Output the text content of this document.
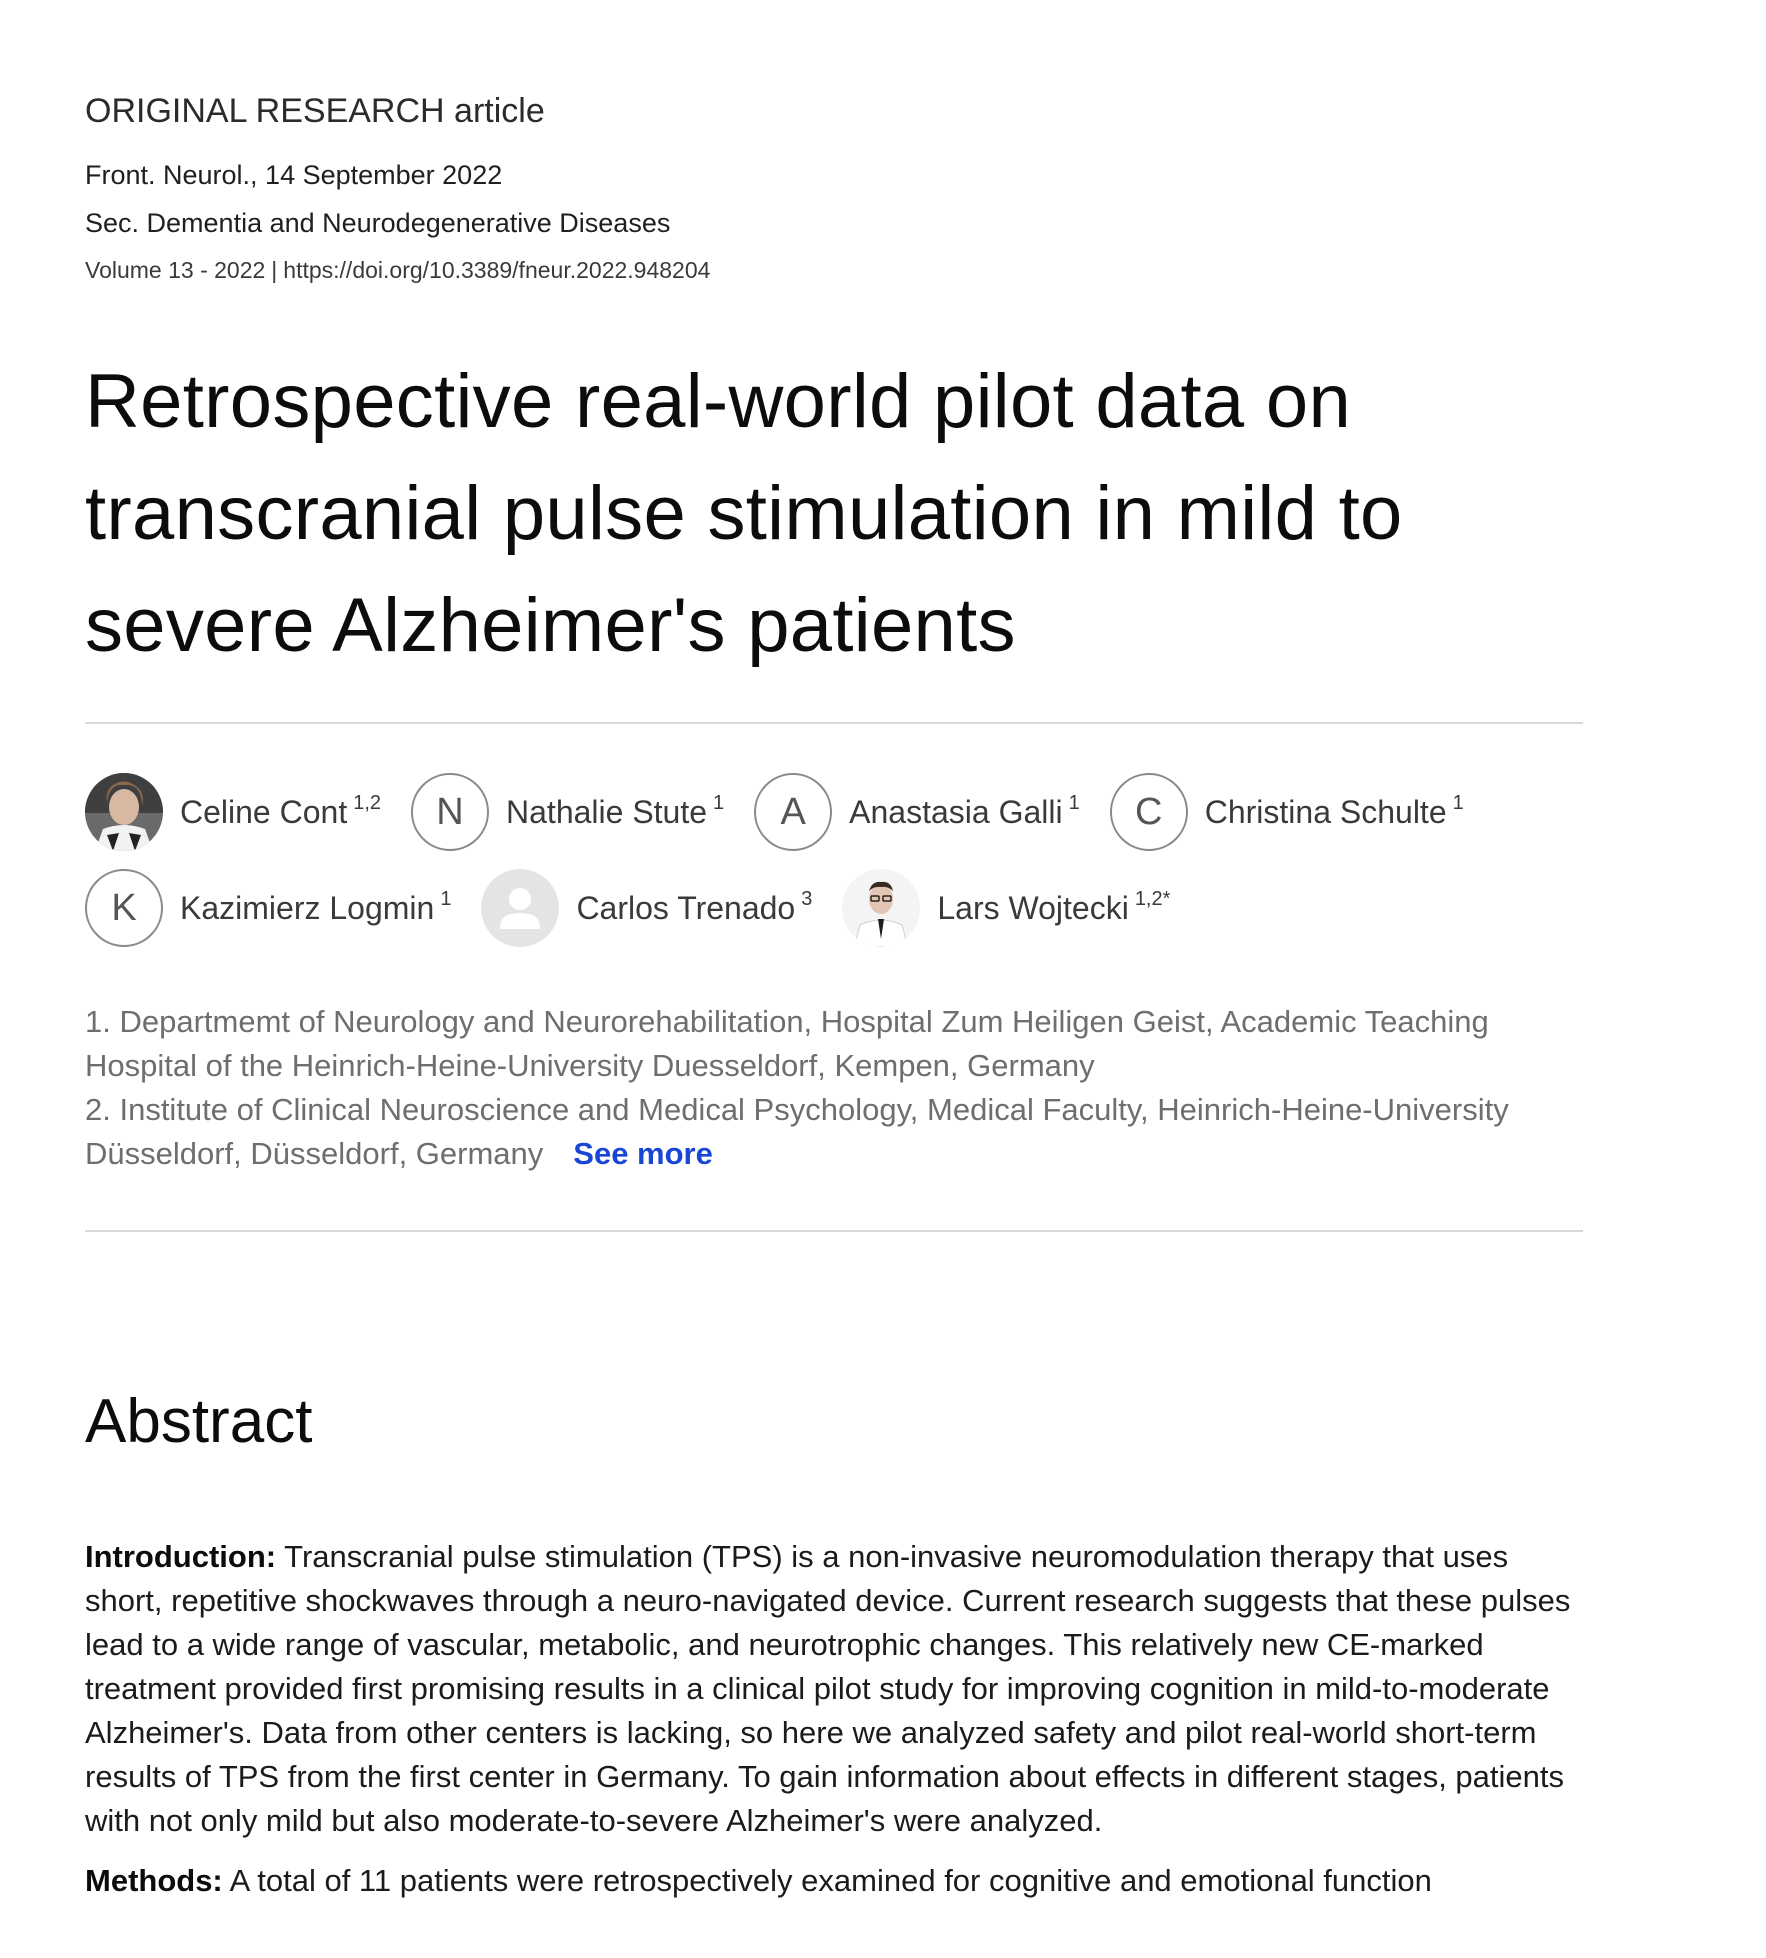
ORIGINAL RESEARCH article
Front. Neurol., 14 September 2022
Sec. Dementia and Neurodegenerative Diseases
Volume 13 - 2022 | https://doi.org/10.3389/fneur.2022.948204
Retrospective real-world pilot data on transcranial pulse stimulation in mild to severe Alzheimer's patients
Celine Cont $^{1,2}$	N	Nathalie Stute $^1$	A	Anastasia Galli $^1$	C	Christina Schulte $^1$
K	Kazimierz Logmin $^1$	Carlos Trenado $^3$	Lars Wojtecki $^{1,2*}$

1. Departmemt of Neurology and Neurorehabilitation, Hospital Zum Heiligen Geist, Academic Teaching Hospital of the Heinrich-Heine-University Duesseldorf, Kempen, Germany

2. Institute of Clinical Neuroscience and Medical Psychology, Medical Faculty, Heinrich-Heine-University Düsseldorf, Düsseldorf, Germany See more

Abstract

Introduction: Transcranial pulse stimulation (TPS) is a non-invasive neuromodulation therapy that uses short, repetitive shockwaves through a neuro-navigated device. Current research suggests that these pulses lead to a wide range of vascular, metabolic, and neurotrophic changes. This relatively new CE-marked treatment provided first promising results in a clinical pilot study for improving cognition in mild-to-moderate Alzheimer's. Data from other centers is lacking, so here we analyzed safety and pilot real-world short-term results of TPS from the first center in Germany. To gain information about effects in different stages, patients with not only mild but also moderate-to-severe Alzheimer's were analyzed.

Methods: A total of 11 patients were retrospectively examined for cognitive and emotional function
